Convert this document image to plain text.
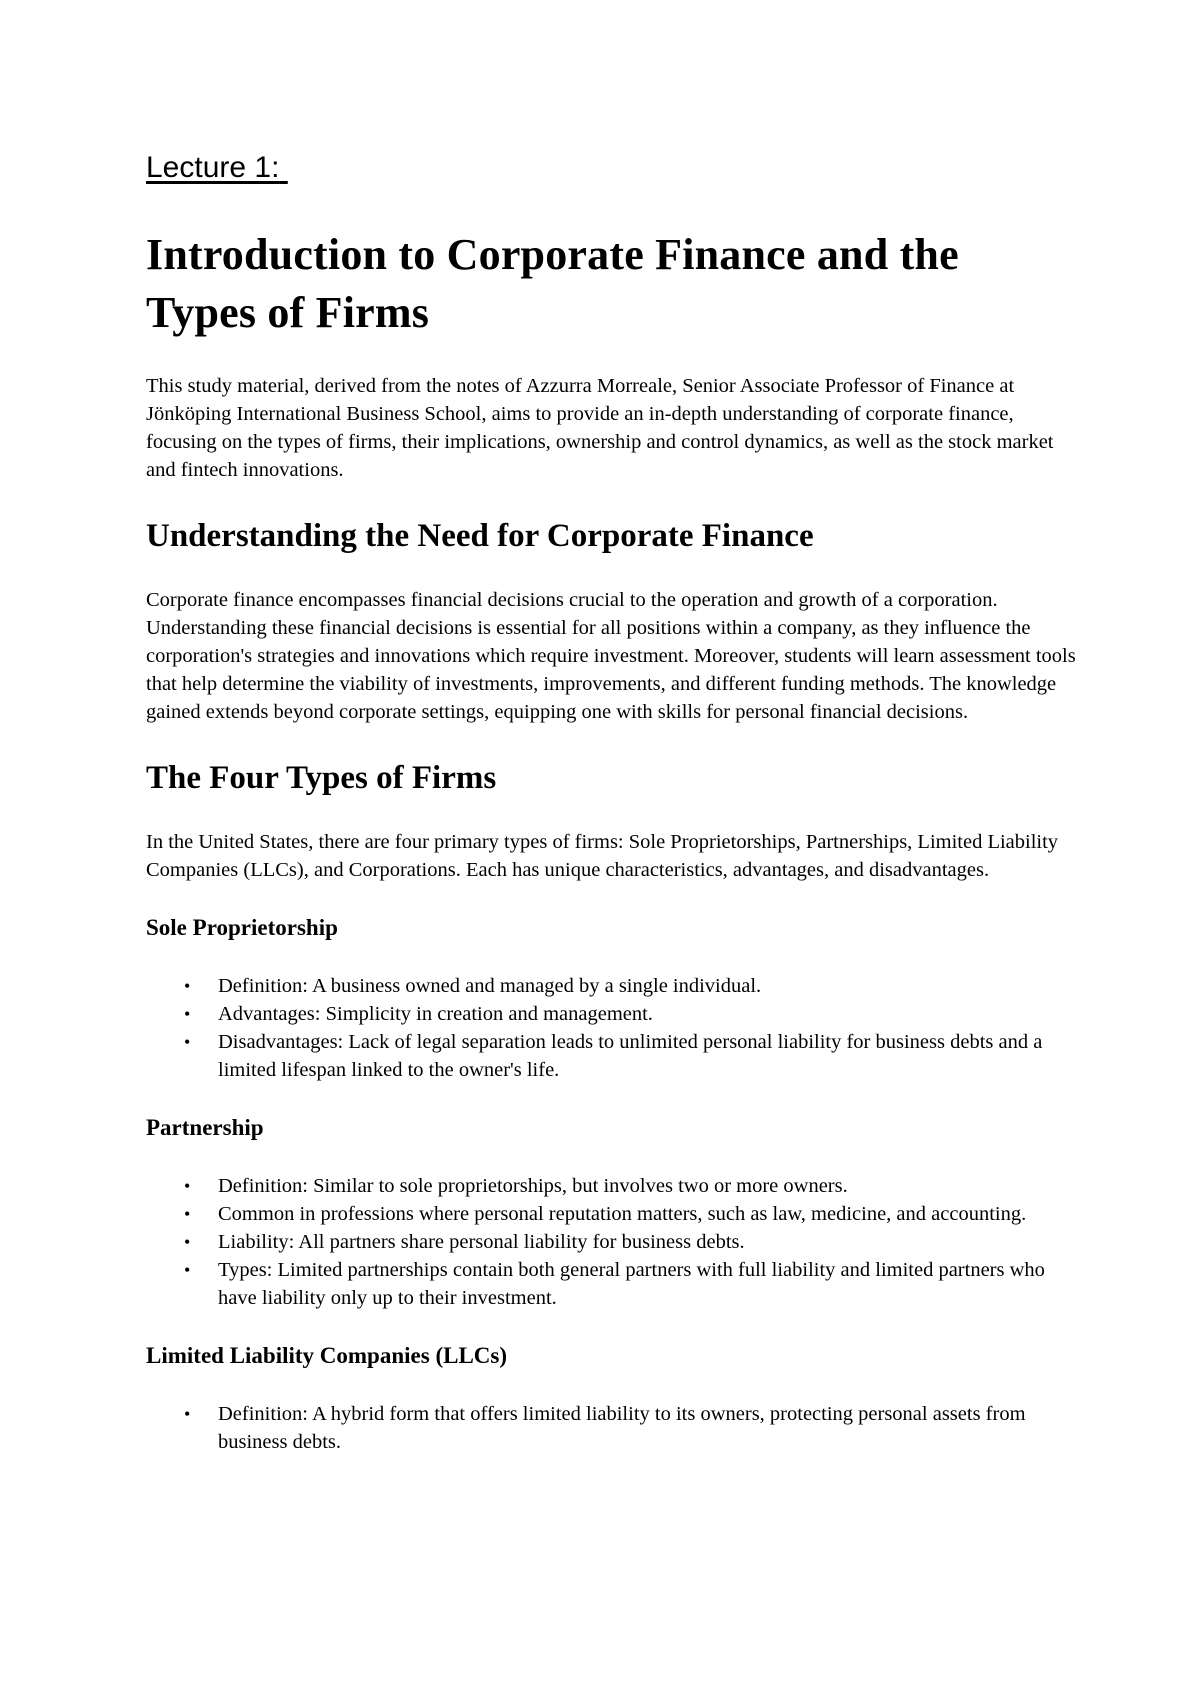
Lecture 1:

Introduction to Corporate Finance and the
Types of Firms

This study material, derived from the notes of Azzurra Morreale, Senior Associate Professor of Finance at Jönköping International Business School, aims to provide an in-depth understanding of corporate finance, focusing on the types of firms, their implications, ownership and control dynamics, as well as the stock market and fintech innovations.

Understanding the Need for Corporate Finance

Corporate finance encompasses financial decisions crucial to the operation and growth of a corporation. Understanding these financial decisions is essential for all positions within a company, as they influence the corporation's strategies and innovations which require investment. Moreover, students will learn assessment tools that help determine the viability of investments, improvements, and different funding methods. The knowledge gained extends beyond corporate settings, equipping one with skills for personal financial decisions.

The Four Types of Firms

In the United States, there are four primary types of firms: Sole Proprietorships, Partnerships, Limited Liability Companies (LLCs), and Corporations. Each has unique characteristics, advantages, and disadvantages.

Sole Proprietorship
• Definition: A business owned and managed by a single individual.
• Advantages: Simplicity in creation and management.
• Disadvantages: Lack of legal separation leads to unlimited personal liability for business debts and a limited lifespan linked to the owner's life.
Partnership
• Definition: Similar to sole proprietorships, but involves two or more owners.
• Common in professions where personal reputation matters, such as law, medicine, and accounting.
• Liability: All partners share personal liability for business debts.
• Types: Limited partnerships contain both general partners with full liability and limited partners who have liability only up to their investment.
Limited Liability Companies (LLCs)
• Definition: A hybrid form that offers limited liability to its owners, protecting personal assets from business debts.
